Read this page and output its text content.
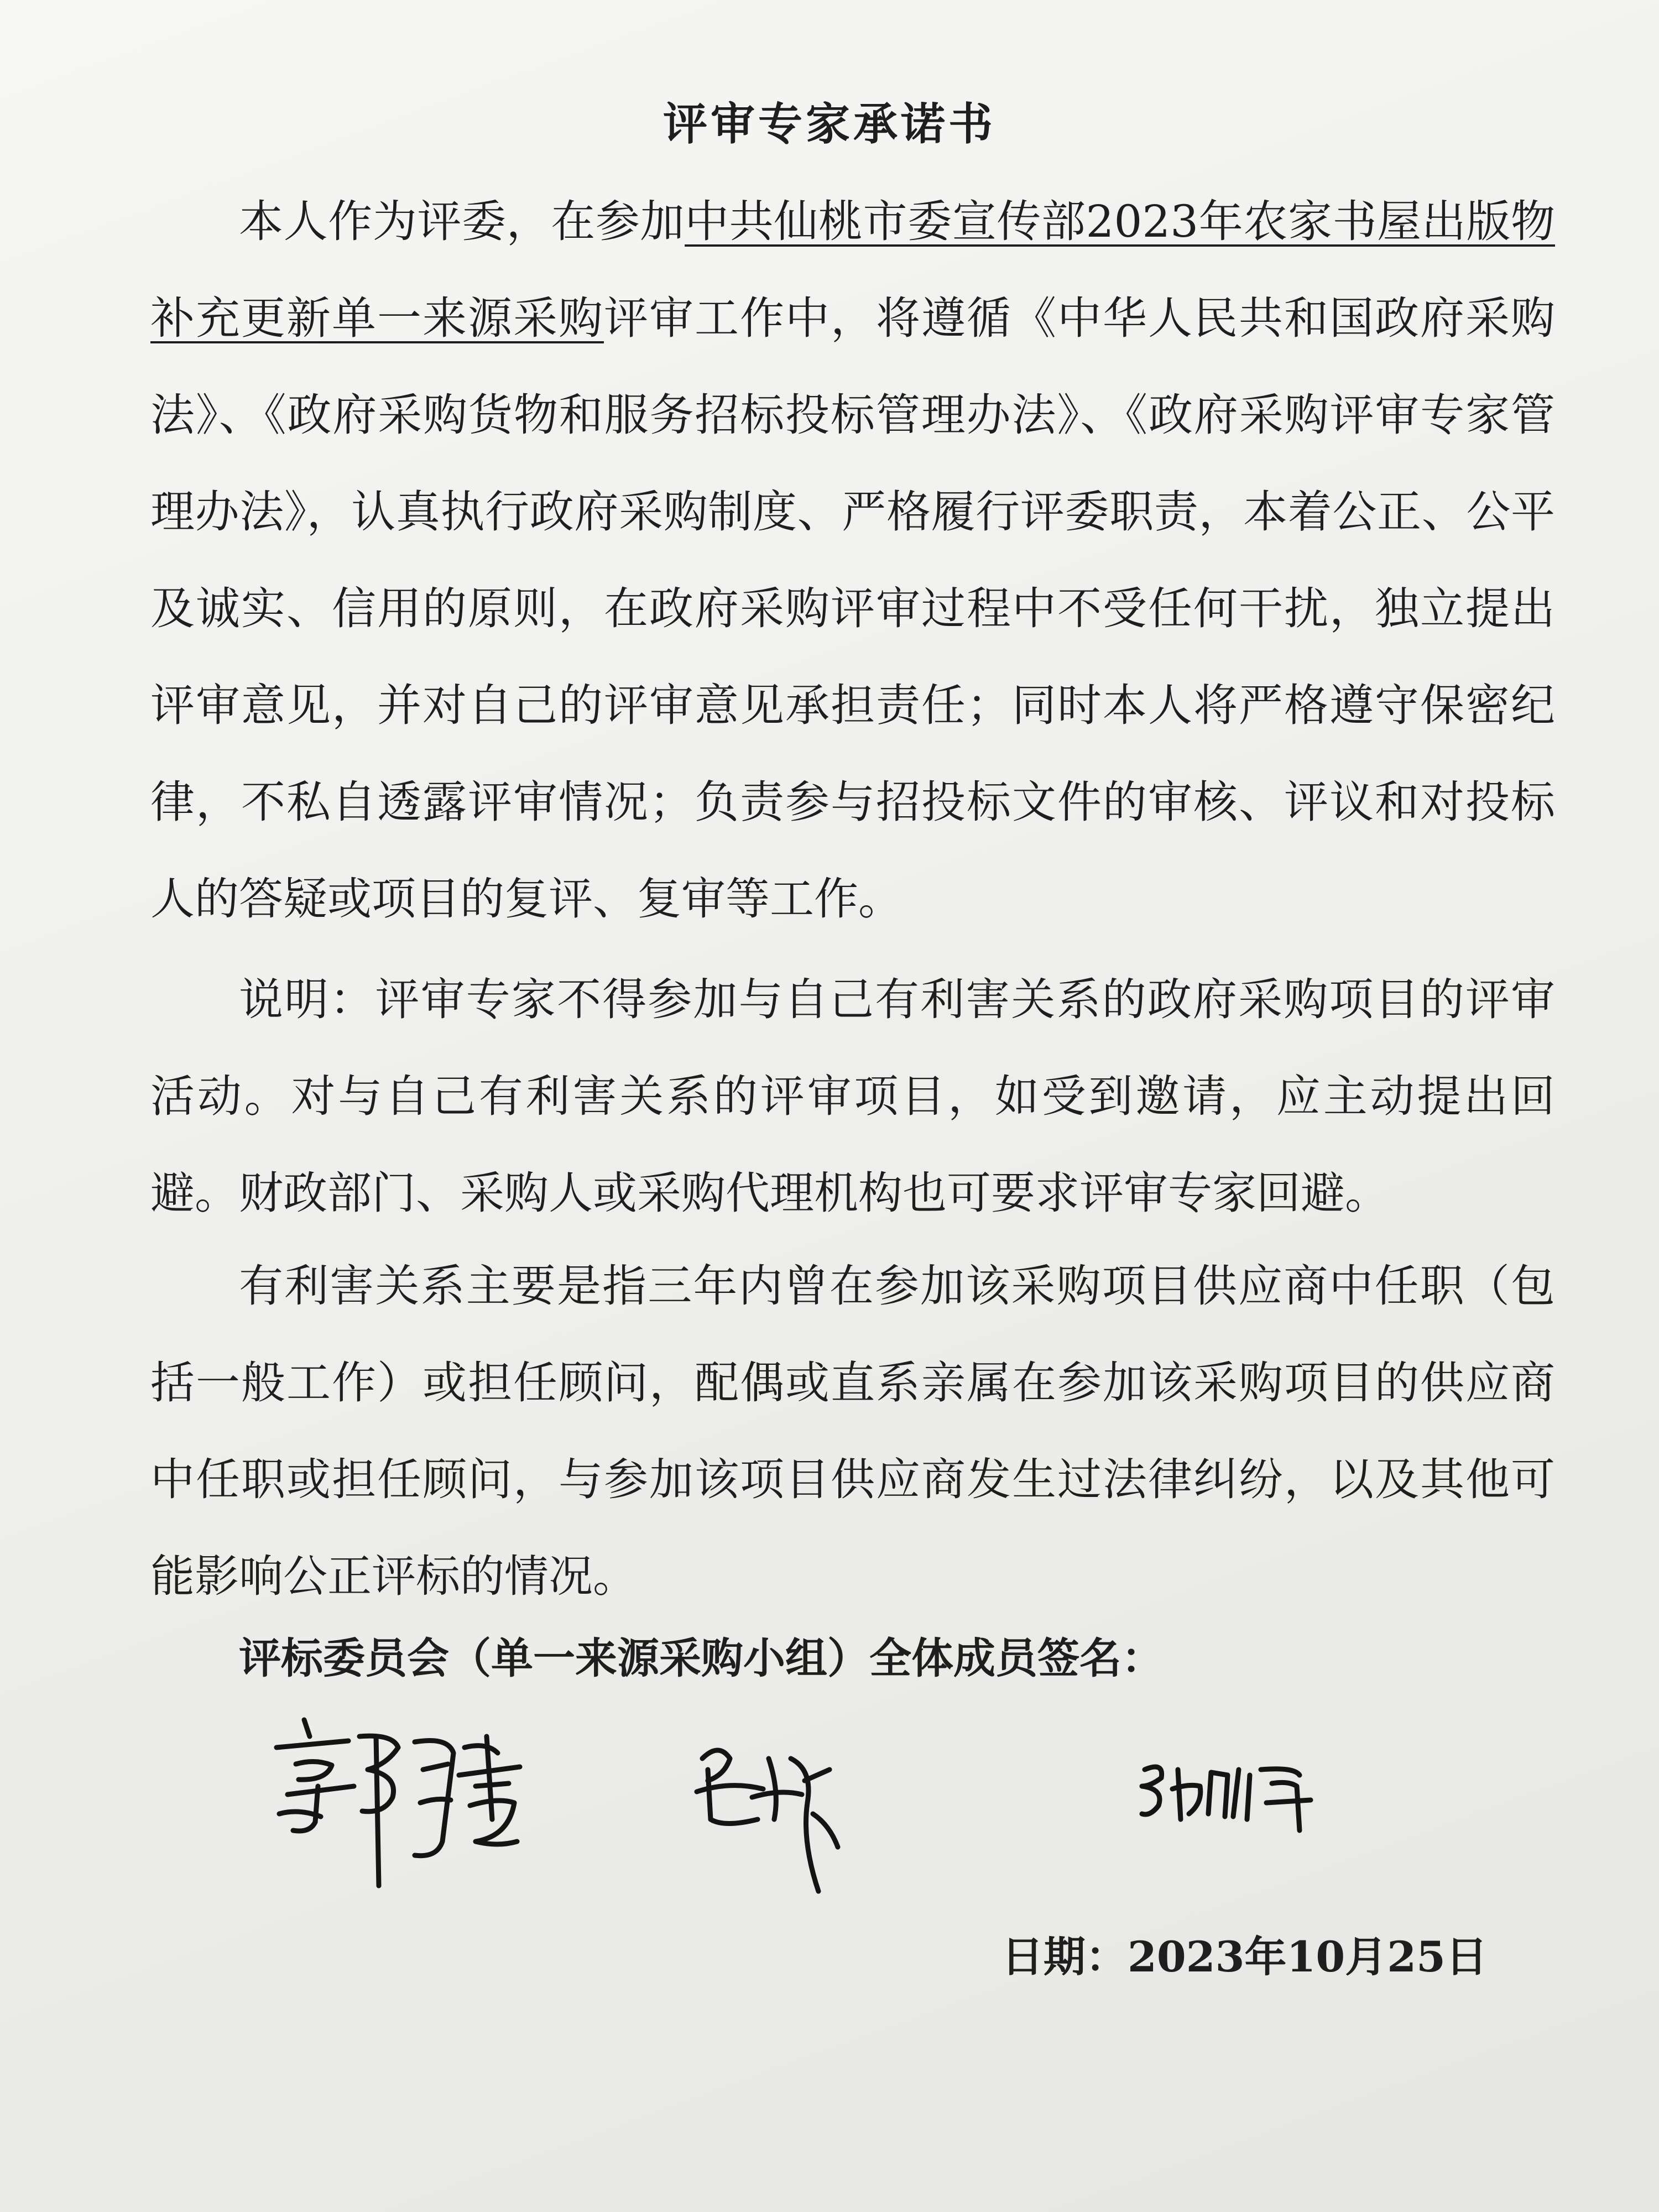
评审专家承诺书

本人作为评委，在参加中共仙桃市委宣传部2023年农家书屋出版物补充更新单一来源采购评审工作中，将遵循《中华人民共和国政府采购法》、《政府采购货物和服务招标投标管理办法》、《政府采购评审专家管理办法》，认真执行政府采购制度、严格履行评委职责，本着公正、公平及诚实、信用的原则，在政府采购评审过程中不受任何干扰，独立提出评审意见，并对自己的评审意见承担责任；同时本人将严格遵守保密纪律，不私自透露评审情况；负责参与招投标文件的审核、评议和对投标人的答疑或项目的复评、复审等工作。

说明：评审专家不得参加与自己有利害关系的政府采购项目的评审活动。对与自己有利害关系的评审项目，如受到邀请，应主动提出回避。财政部门、采购人或采购代理机构也可要求评审专家回避。

有利害关系主要是指三年内曾在参加该采购项目供应商中任职（包括一般工作）或担任顾问，配偶或直系亲属在参加该采购项目的供应商中任职或担任顾问，与参加该项目供应商发生过法律纠纷，以及其他可能影响公正评标的情况。

评标委员会（单一来源采购小组）全体成员签名：
日期：2023年10月25日
